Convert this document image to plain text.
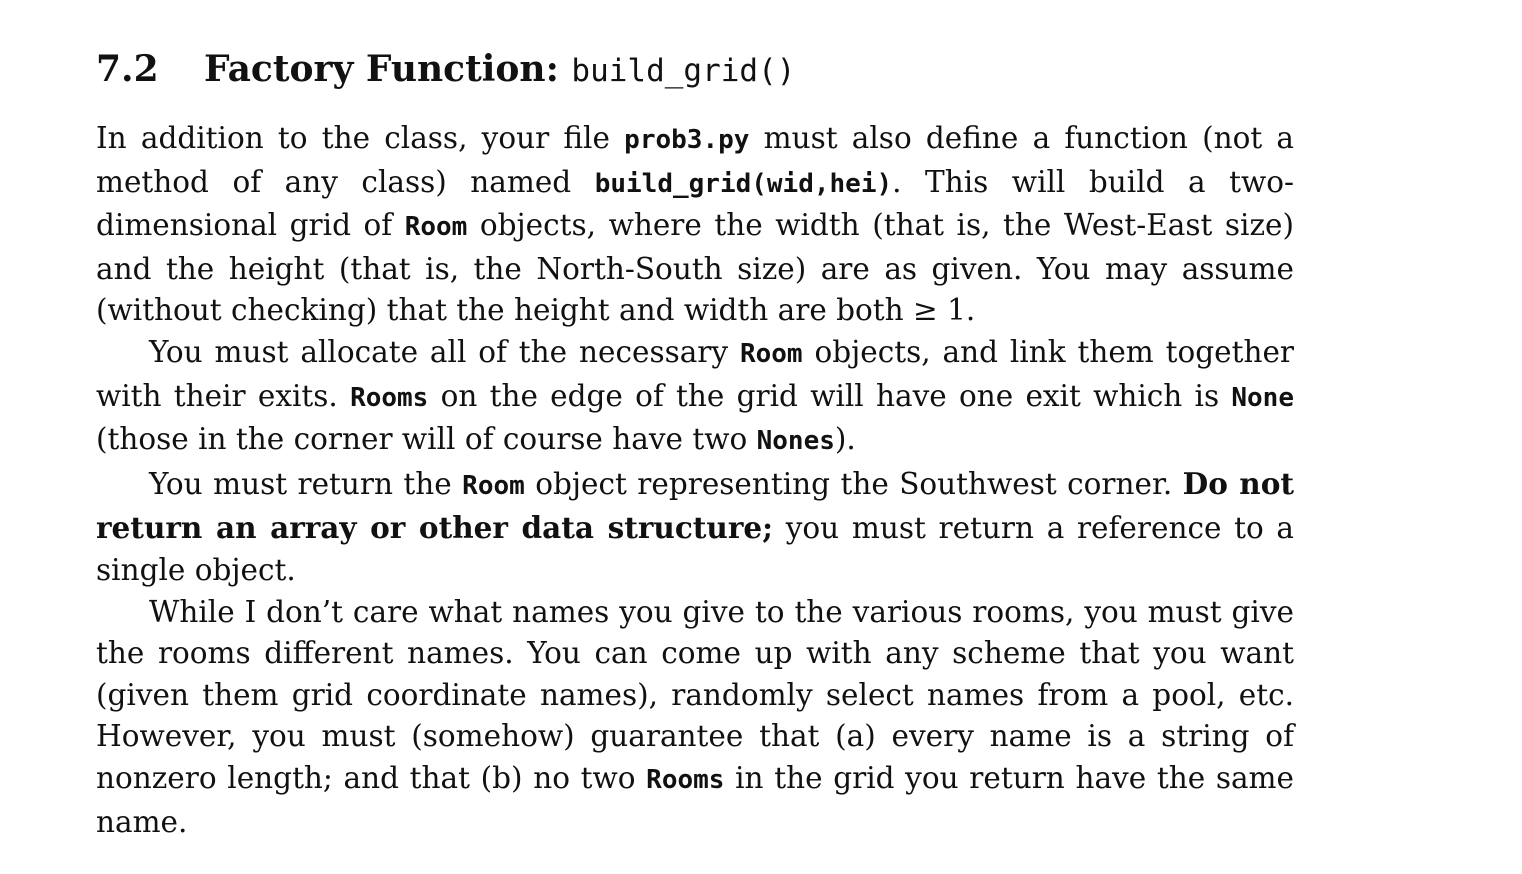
7.2 Factory Function: build_grid()

In addition to the class, your file prob3.py must also define a function (not a method of any class) named build_grid(wid,hei). This will build a two-dimensional grid of Room objects, where the width (that is, the West-East size) and the height (that is, the North-South size) are as given. You may assume (without checking) that the height and width are both ≥ 1.

You must allocate all of the necessary Room objects, and link them together with their exits. Rooms on the edge of the grid will have one exit which is None (those in the corner will of course have two Nones).

You must return the Room object representing the Southwest corner. Do not return an array or other data structure; you must return a reference to a single object.

While I don’t care what names you give to the various rooms, you must give the rooms different names. You can come up with any scheme that you want (given them grid coordinate names), randomly select names from a pool, etc. However, you must (somehow) guarantee that (a) every name is a string of nonzero length; and that (b) no two Rooms in the grid you return have the same name.
